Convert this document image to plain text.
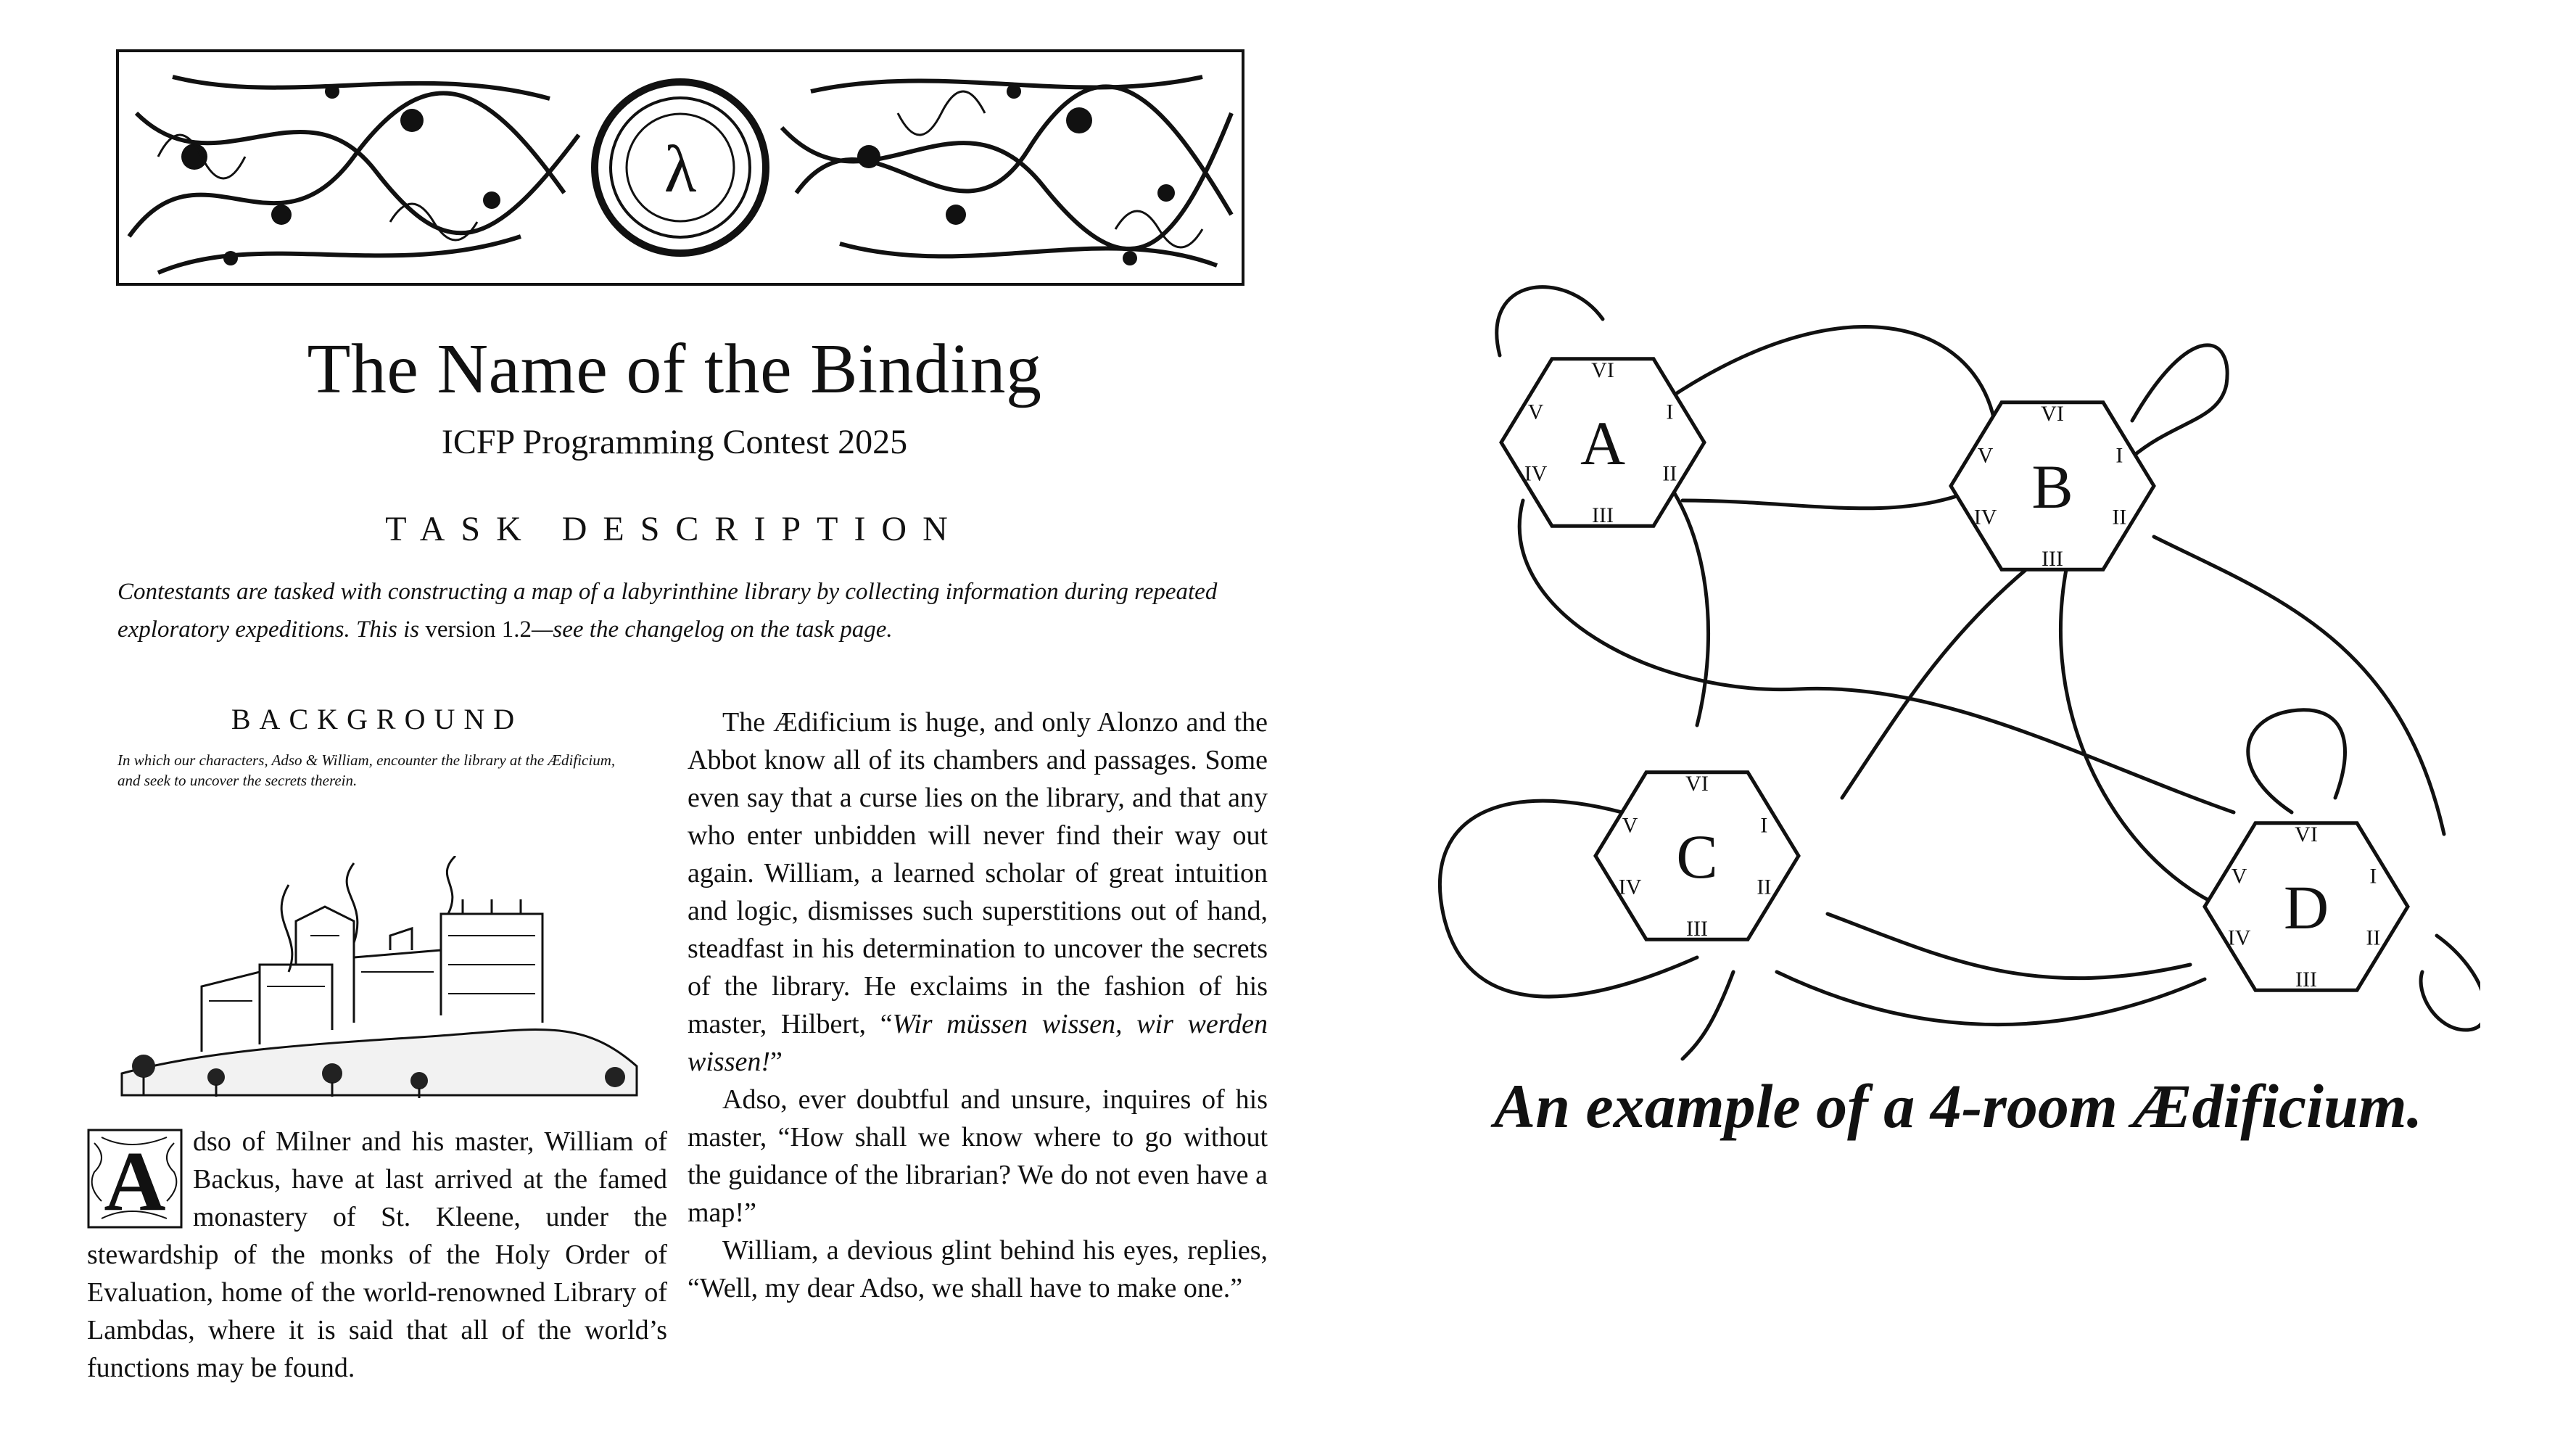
λ
The Name of the Binding
ICFP Programming Contest 2025
TASK DESCRIPTION
Contestants are tasked with constructing a map of a labyrinthine library by collecting information during repeated exploratory expeditions. This is version 1.2—see the changelog on the task page.
BACKGROUND
In which our characters, Adso & William, encounter the library at the Ædificium, and seek to uncover the secrets therein.
A dso of Milner and his master, William of Backus, have at last arrived at the famed monastery of St. Kleene, under the stewardship of the monks of the Holy Order of Evaluation, home of the world-renowned Library of Lambdas, where it is said that all of the world’s functions may be found.

The Ædificium is huge, and only Alonzo and the Abbot know all of its chambers and passages. Some even say that a curse lies on the library, and that any who enter unbidden will never find their way out again. William, a learned scholar of great intuition and logic, dismisses such superstitions out of hand, steadfast in his determination to uncover the secrets of the library. He exclaims in the fashion of his master, Hilbert, “Wir müssen wissen, wir werden wissen!”

Adso, ever doubtful and unsure, inquires of his master, “How shall we know where to go without the guidance of the librarian? We do not even have a map!”

William, a devious glint behind his eyes, replies, “Well, my dear Adso, we shall have to make one.”

A I
II
III
IV
V
VI
B I
II
III
IV
V
VI
C I
II
III
IV
V
VI
D I
II
III
IV
V
VI
An example of a 4-room Ædificium.
